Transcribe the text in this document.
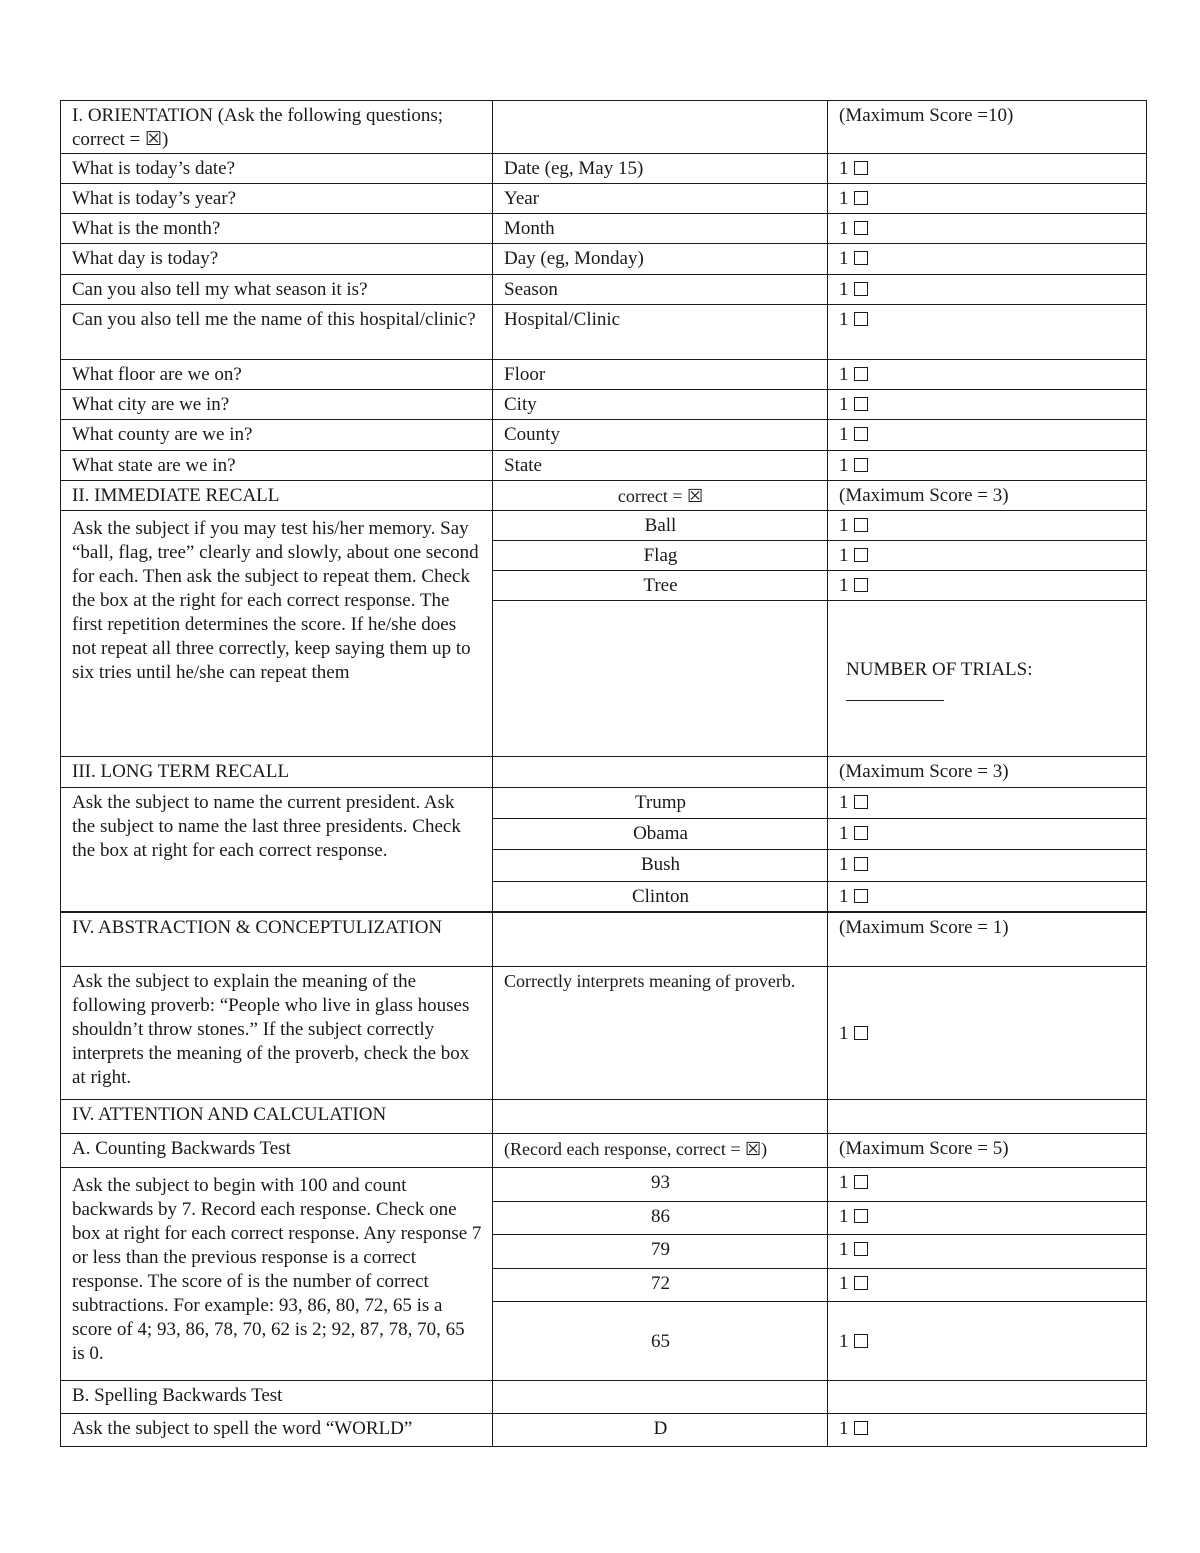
I. ORIENTATION (Ask the following questions; correct = ☒)		(Maximum Score =10)
What is today’s date?	Date (eg, May 15)	1
What is today’s year?	Year	1
What is the month?	Month	1
What day is today?	Day (eg, Monday)	1
Can you also tell my what season it is?	Season	1
Can you also tell me the name of this hospital/clinic?	Hospital/Clinic	1
What floor are we on?	Floor	1
What city are we in?	City	1
What county are we in?	County	1
What state are we in?	State	1
II. IMMEDIATE RECALL	correct = ☒	(Maximum Score = 3)
Ask the subject if you may test his/her memory. Say “ball, flag, tree” clearly and slowly, about one second for each. Then ask the subject to repeat them. Check the box at the right for each correct response. The first repetition determines the score. If he/she does not repeat all three correctly, keep saying them up to six tries until he/she can repeat them	Ball	1
	Flag	1
	Tree	1
		NUMBER OF TRIALS:

III. LONG TERM RECALL		(Maximum Score = 3)
Ask the subject to name the current president. Ask the subject to name the last three presidents. Check the box at right for each correct response.	Trump	1
	Obama	1
	Bush	1
	Clinton	1
IV. ABSTRACTION & CONCEPTULIZATION		(Maximum Score = 1)
Ask the subject to explain the meaning of the following proverb: “People who live in glass houses shouldn’t throw stones.” If the subject correctly interprets the meaning of the proverb, check the box at right.	Correctly interprets meaning of proverb.	1
IV. ATTENTION AND CALCULATION		
A. Counting Backwards Test	(Record each response, correct = ☒)	(Maximum Score = 5)
Ask the subject to begin with 100 and count backwards by 7. Record each response. Check one box at right for each correct response. Any response 7 or less than the previous response is a correct response. The score of is the number of correct subtractions. For example: 93, 86, 80, 72, 65 is a score of 4; 93, 86, 78, 70, 62 is 2; 92, 87, 78, 70, 65 is 0.	93	1
	86	1
	79	1
	72	1
	65	1
B. Spelling Backwards Test		
Ask the subject to spell the word “WORLD”	D	1
